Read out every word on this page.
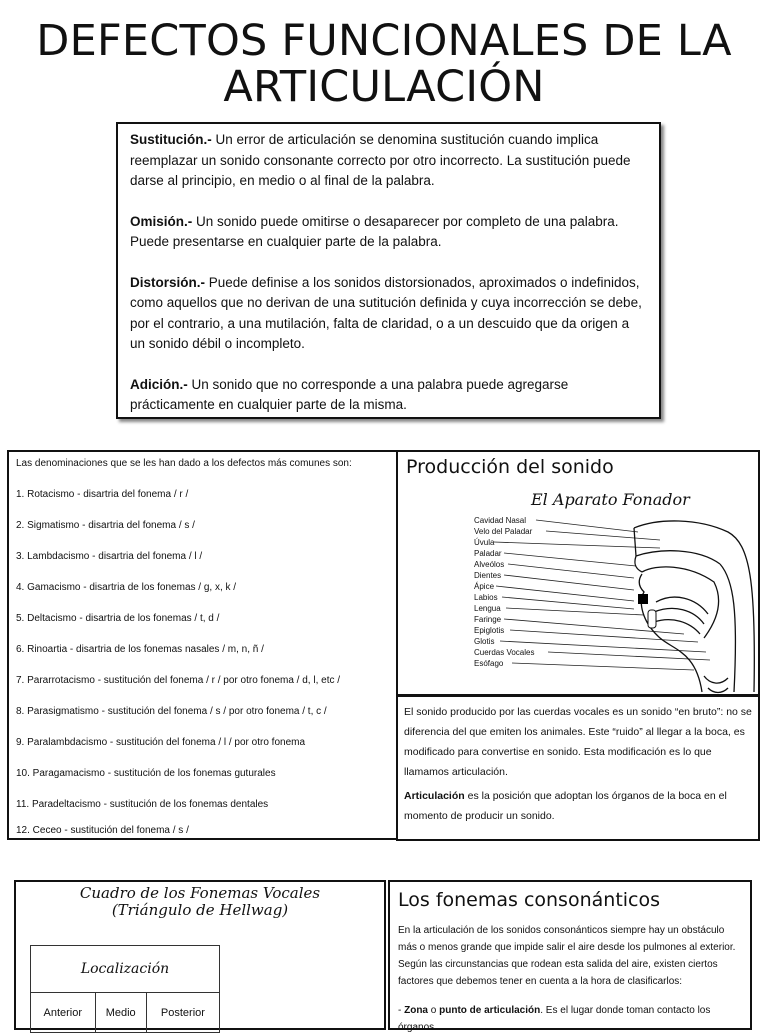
DEFECTOS FUNCIONALES DE LA ARTICULACIÓN

Sustitución.- Un error de articulación se denomina sustitución cuando implica reemplazar un sonido consonante correcto por otro incorrecto. La sustitución puede darse al principio, en medio o al final de la palabra.

Omisión.- Un sonido puede omitirse o desaparecer por completo de una palabra. Puede presentarse en cualquier parte de la palabra.

Distorsión.- Puede definise a los sonidos distorsionados, aproximados o indefinidos, como aquellos que no derivan de una sutitución definida y cuya incorrección se debe, por el contrario, a una mutilación, falta de claridad, o a un descuido que da origen a un sonido débil o incompleto.

Adición.- Un sonido que no corresponde a una palabra puede agregarse prácticamente en cualquier parte de la misma.

Las denominaciones que se les han dado a los defectos más comunes son:
1. Rotacismo - disartria del fonema / r /
2. Sigmatismo - disartria del fonema / s /
3. Lambdacismo - disartria del fonema / l /
4. Gamacismo - disartria de los fonemas / g, x, k /
5. Deltacismo - disartria de los fonemas / t, d /
6. Rinoartia - disartria de los fonemas nasales / m, n, ñ /
7. Pararrotacismo - sustitución del fonema / r / por otro fonema / d, l, etc /
8. Parasigmatismo - sustitución del fonema / s / por otro fonema / t, c /
9. Paralambdacismo - sustitución del fonema / l / por otro fonema
10. Paragamacismo - sustitución de los fonemas guturales
11. Paradeltacismo - sustitución de los fonemas dentales
12. Ceceo - sustitución del fonema / s /
Producción del sonido
El Aparato Fonador
Cavidad Nasal
Velo del Paladar
Úvula
Paladar
Alveólos
Dientes
Ápice
Labios
Lengua
Faringe
Epiglotis
Glotis
Cuerdas Vocales
Esófago
El sonido producido por las cuerdas vocales es un sonido “en bruto”: no se diferencia del que emiten los animales. Este “ruido” al llegar a la boca, es modificado para convertise en sonido. Esta modificación es lo que llamamos articulación.
Articulación es la posición que adoptan los órganos de la boca en el momento de producir un sonido.
Cuadro de los Fonemas Vocales
(Triángulo de Hellwag)
Localización
Anterior	Medio	Posterior
Los fonemas consonánticos
En la articulación de los sonidos consonánticos siempre hay un obstáculo más o menos grande que impide salir el aire desde los pulmones al exterior. Según las circunstancias que rodean esta salida del aire, existen ciertos factores que debemos tener en cuenta a la hora de clasificarlos:
- Zona o punto de articulación. Es el lugar donde toman contacto los órganos
